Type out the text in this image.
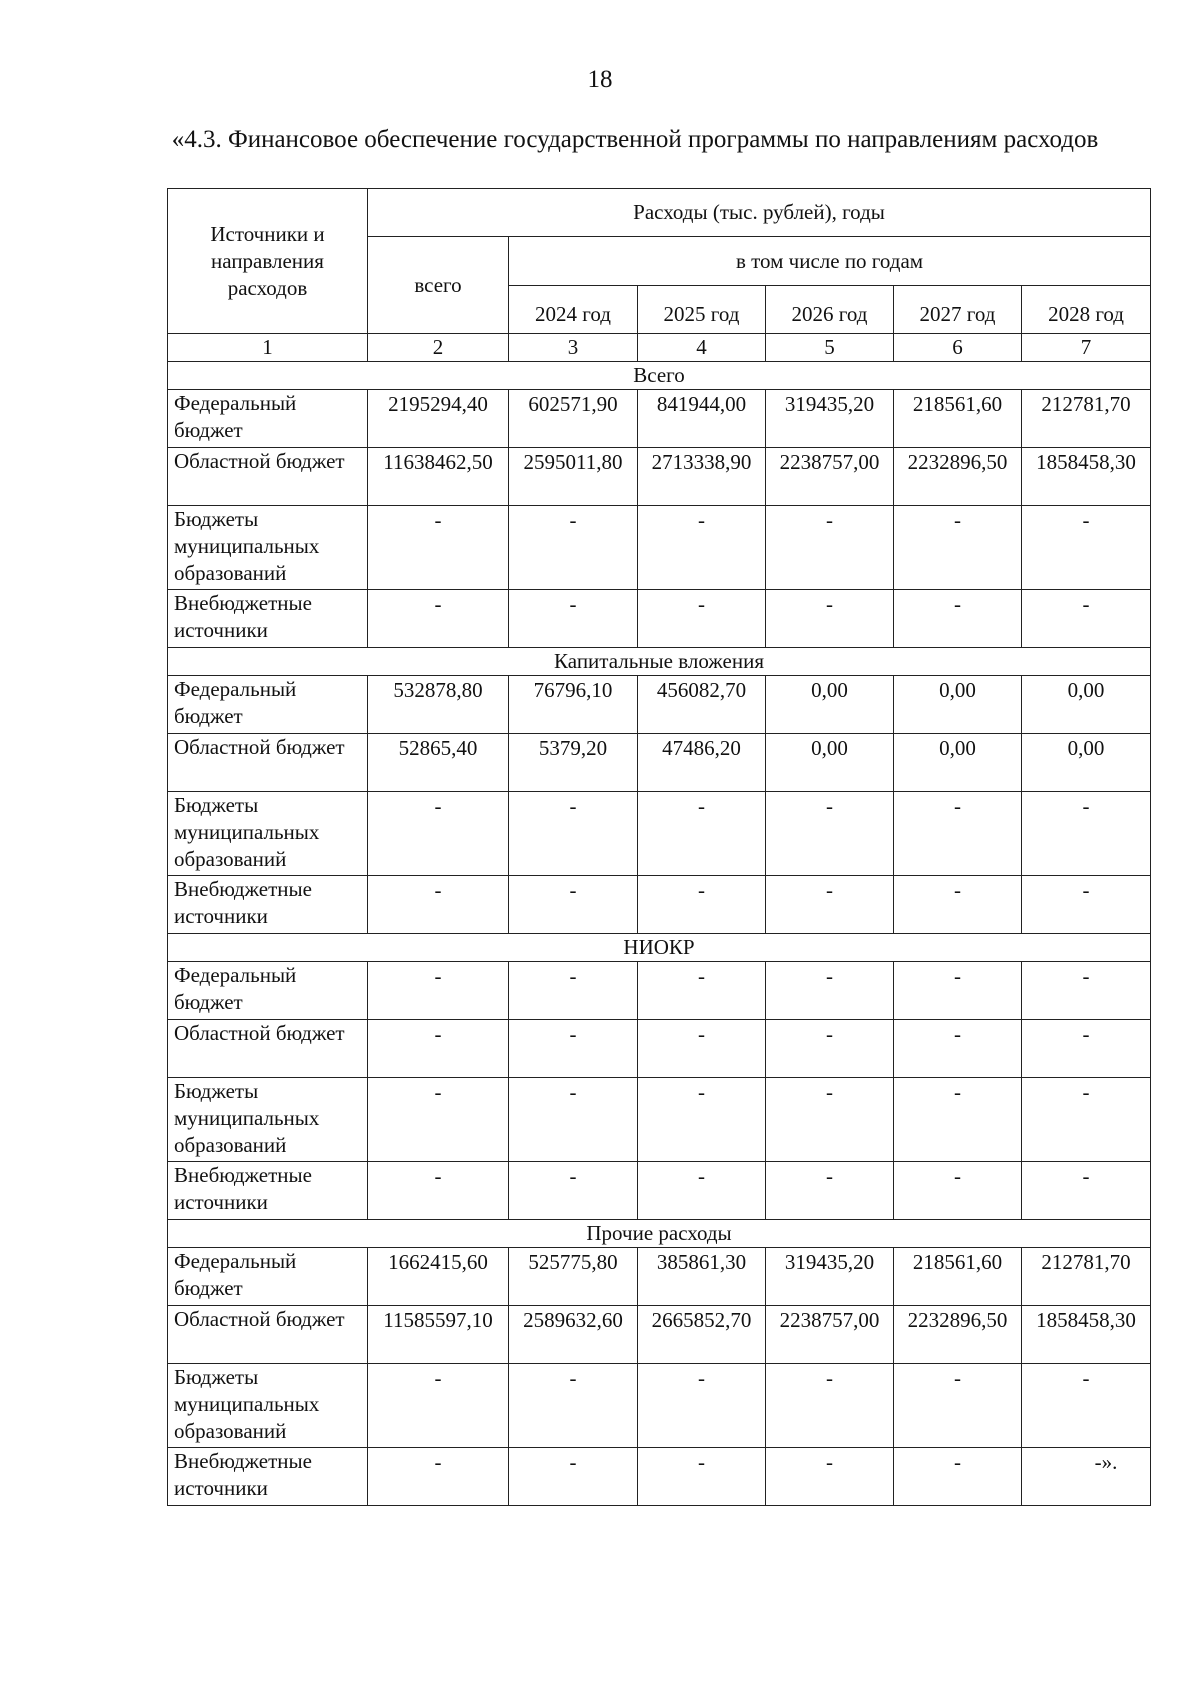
18
«4.3. Финансовое обеспечение государственной программы по направлениям расходов
Источники и направления расходов	Расходы (тыс. рублей), годы					
	всего	в том числе по годам				
		2024 год	2025 год	2026 год	2027 год	2028 год
1	2	3	4	5	6	7
Всего						
Федеральный бюджет	2195294,40	602571,90	841944,00	319435,20	218561,60	212781,70
Областной бюджет	11638462,50	2595011,80	2713338,90	2238757,00	2232896,50	1858458,30
Бюджеты муниципальных образований	-	-	-	-	-	-
Внебюджетные источники	-	-	-	-	-	-
Капитальные вложения						
Федеральный бюджет	532878,80	76796,10	456082,70	0,00	0,00	0,00
Областной бюджет	52865,40	5379,20	47486,20	0,00	0,00	0,00
Бюджеты муниципальных образований	-	-	-	-	-	-
Внебюджетные источники	-	-	-	-	-	-
НИОКР						
Федеральный бюджет	-	-	-	-	-	-
Областной бюджет	-	-	-	-	-	-
Бюджеты муниципальных образований	-	-	-	-	-	-
Внебюджетные источники	-	-	-	-	-	-
Прочие расходы						
Федеральный бюджет	1662415,60	525775,80	385861,30	319435,20	218561,60	212781,70
Областной бюджет	11585597,10	2589632,60	2665852,70	2238757,00	2232896,50	1858458,30
Бюджеты муниципальных образований	-	-	-	-	-	-
Внебюджетные источники	-	-	-	-	-	-».
